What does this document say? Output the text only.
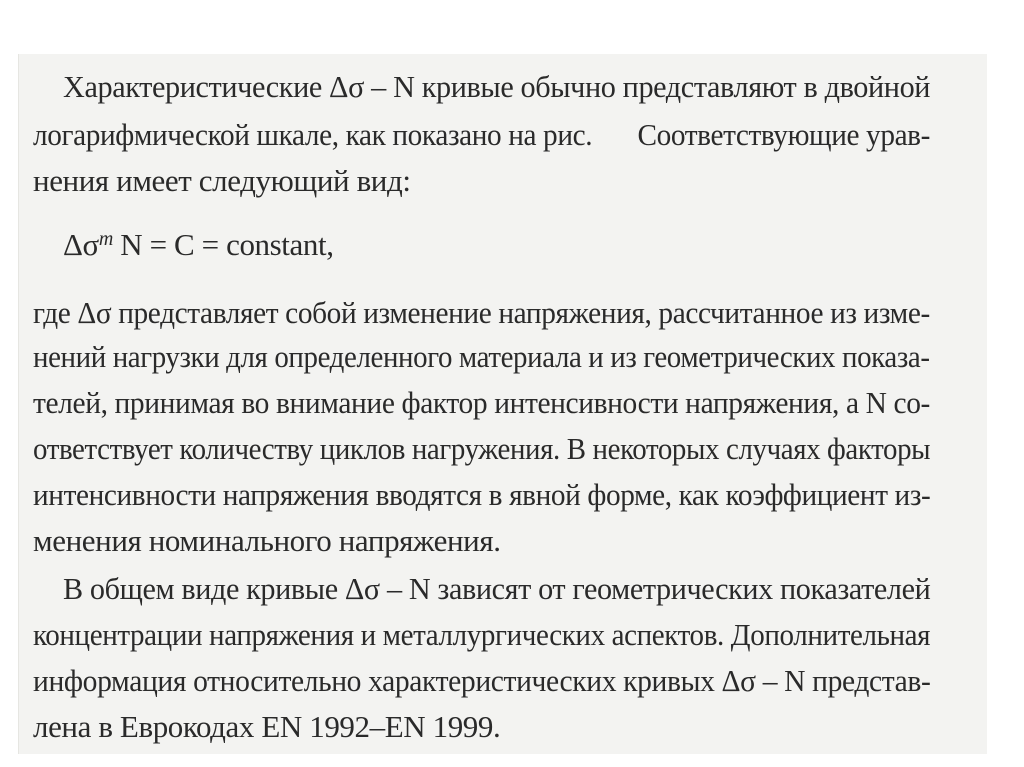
Характеристические Δσ – N кривые обычно представляют в двойной
логарифмической шкале, как показано на рис. Соответствующие урав-
нения имеет следующий вид:
$\Delta\sigma^m$ N = C = constant,
где Δσ представляет собой изменение напряжения, рассчитанное из изме-
нений нагрузки для определенного материала и из геометрических показа-
телей, принимая во внимание фактор интенсивности напряжения, а N со-
ответствует количеству циклов нагружения. В некоторых случаях факторы
интенсивности напряжения вводятся в явной форме, как коэффициент из-
менения номинального напряжения.
В общем виде кривые Δσ – N зависят от геометрических показателей
концентрации напряжения и металлургических аспектов. Дополнительная
информация относительно характеристических кривых Δσ – N представ-
лена в Еврокодах EN 1992–EN 1999.
